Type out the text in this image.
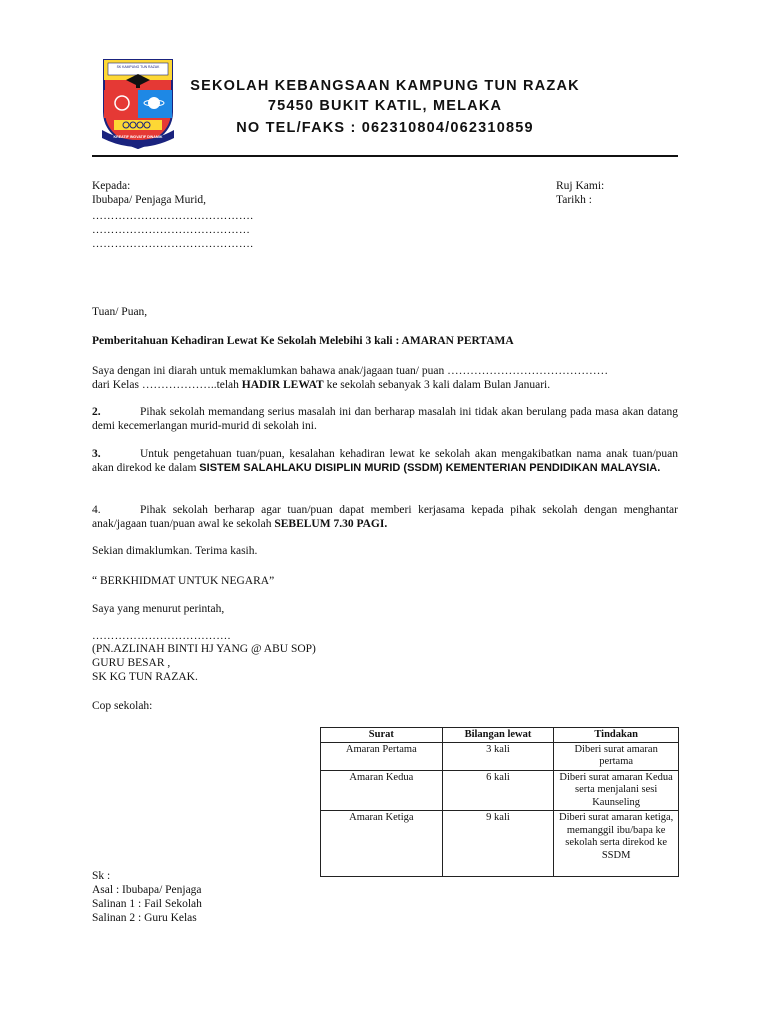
SK KAMPUNG TUN RAZAK
KREATIF INOVATIF DINAMIK
SEKOLAH KEBANGSAAN KAMPUNG TUN RAZAK
75450 BUKIT KATIL, MELAKA
NO TEL/FAKS : 062310804/062310859
Kepada:
Ibubapa/ Penjaga Murid,
…………………………………….
……………………………………
…………………………………….
Ruj Kami:
Tarikh :
Tuan/ Puan,
Pemberitahuan Kehadiran Lewat Ke Sekolah Melebihi 3 kali : AMARAN PERTAMA
Saya dengan ini diarah untuk memaklumkan bahawa anak/jagaan tuan/ puan ……………………………………
dari Kelas ………………..telah HADIR LEWAT ke sekolah sebanyak 3 kali dalam Bulan Januari.
2.	Pihak sekolah memandang serius masalah ini dan berharap masalah ini tidak akan berulang pada masa akan datang demi kecemerlangan murid-murid di sekolah ini.
3.	Untuk pengetahuan tuan/puan, kesalahan kehadiran lewat ke sekolah akan mengakibatkan nama anak tuan/puan akan direkod ke dalam SISTEM SALAHLAKU DISIPLIN MURID (SSDM) KEMENTERIAN PENDIDIKAN MALAYSIA.
4.	Pihak sekolah berharap agar tuan/puan dapat memberi kerjasama kepada pihak sekolah dengan menghantar anak/jagaan tuan/puan awal ke sekolah SEBELUM 7.30 PAGI.
Sekian dimaklumkan. Terima kasih.
“ BERKHIDMAT UNTUK NEGARA”
Saya yang menurut perintah,
……………………………….
(PN.AZLINAH BINTI HJ YANG @ ABU SOP)
GURU BESAR ,
SK KG TUN RAZAK.
Cop sekolah:
Surat	Bilangan lewat	Tindakan
Amaran Pertama	3 kali	Diberi surat amaran pertama
Amaran Kedua	6 kali	Diberi surat amaran Kedua serta menjalani sesi Kaunseling
Amaran Ketiga	9 kali	Diberi surat amaran ketiga, memanggil ibu/bapa ke sekolah serta direkod ke SSDM
Sk :
Asal : Ibubapa/ Penjaga
Salinan 1 : Fail Sekolah
Salinan 2 : Guru Kelas
